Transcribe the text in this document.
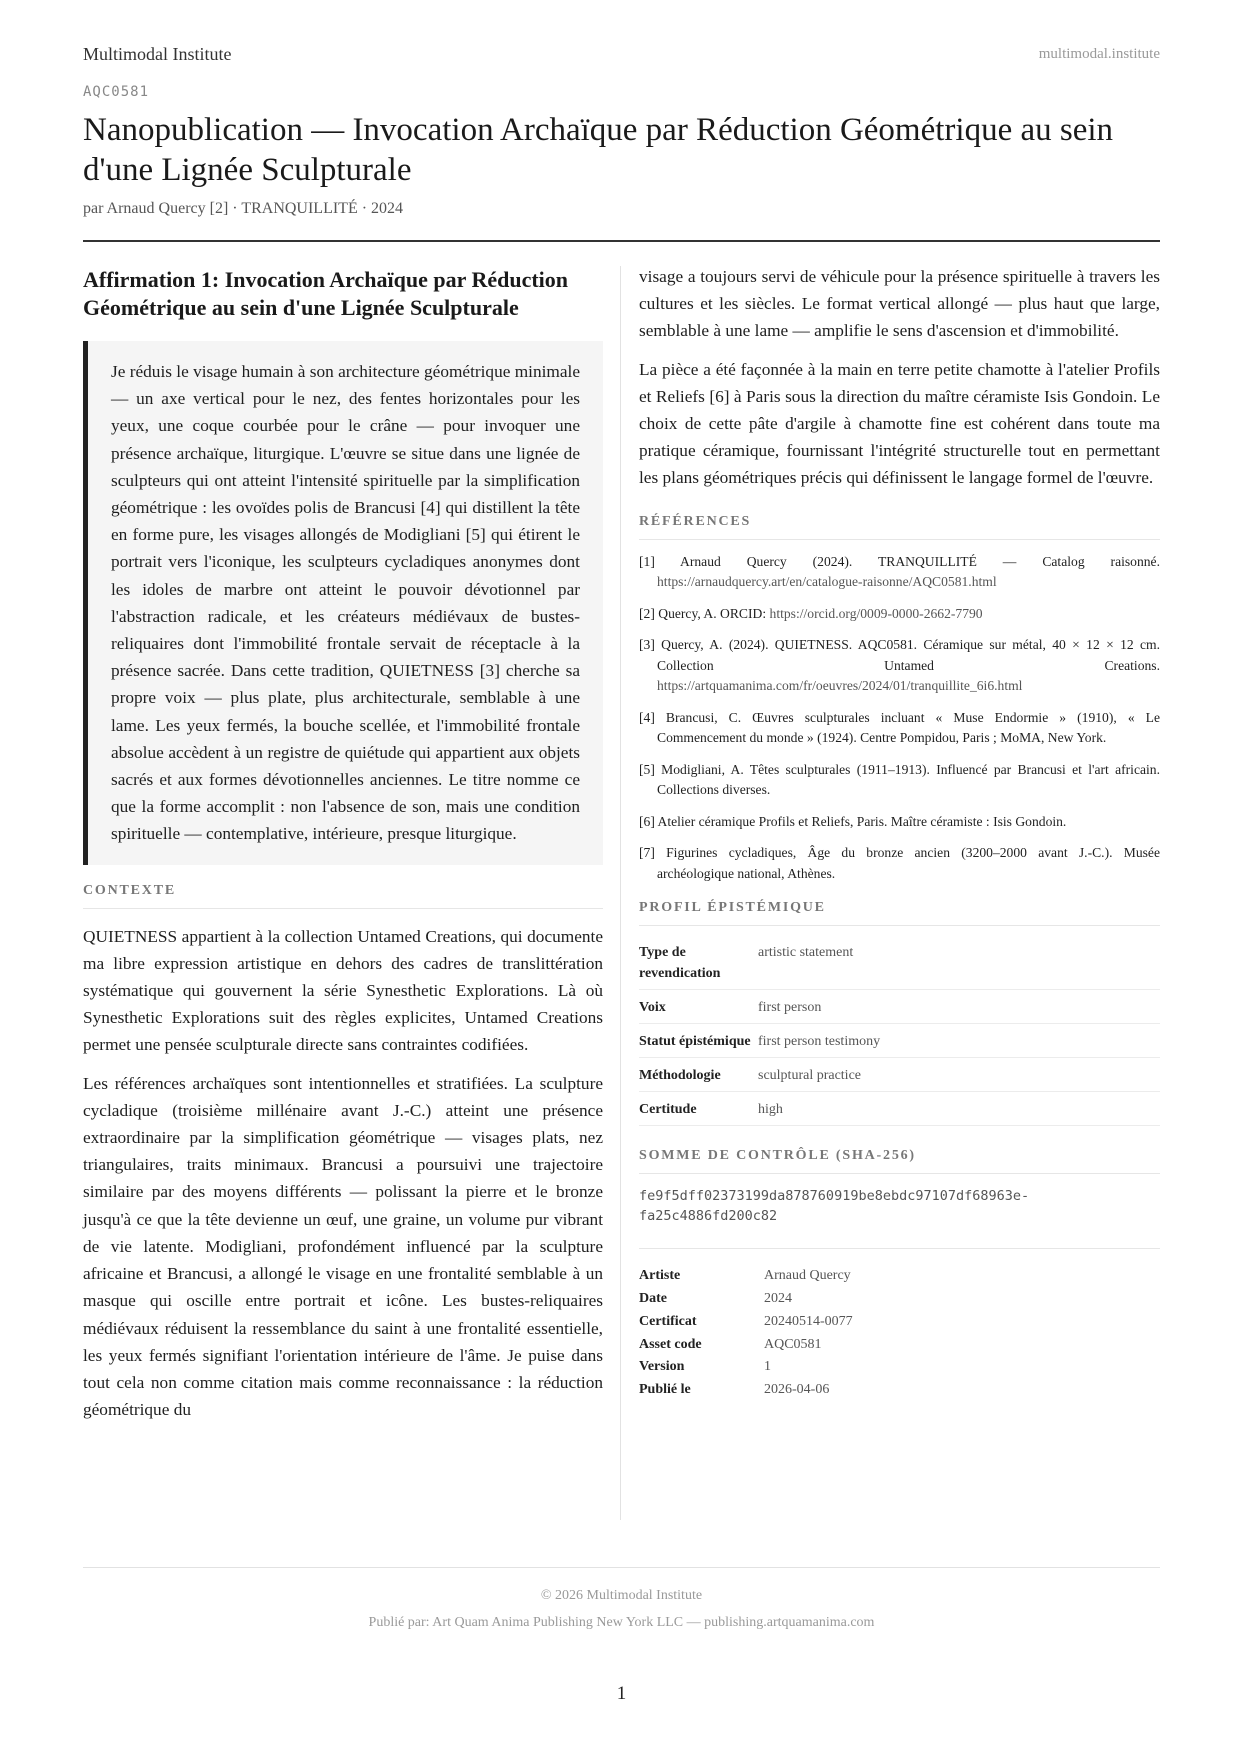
Multimodal Institute	multimodal.institute
AQC0581
Nanopublication — Invocation Archaïque par Réduction Géométrique au sein d'une Lignée Sculpturale
par Arnaud Quercy [2] · TRANQUILLITÉ · 2024
Affirmation 1: Invocation Archaïque par Réduction Géométrique au sein d'une Lignée Sculpturale
Je réduis le visage humain à son architecture géométrique minimale — un axe vertical pour le nez, des fentes horizontales pour les yeux, une coque courbée pour le crâne — pour invoquer une présence archaïque, liturgique. L'œuvre se situe dans une lignée de sculpteurs qui ont atteint l'intensité spirituelle par la simplification géométrique : les ovoïdes polis de Brancusi [4] qui distillent la tête en forme pure, les visages allongés de Modigliani [5] qui étirent le portrait vers l'iconique, les sculpteurs cycladiques anonymes dont les idoles de marbre ont atteint le pouvoir dévotionnel par l'abstraction radicale, et les créateurs médiévaux de bustes-reliquaires dont l'immobilité frontale servait de réceptacle à la présence sacrée. Dans cette tradition, QUIETNESS [3] cherche sa propre voix — plus plate, plus architecturale, semblable à une lame. Les yeux fermés, la bouche scellée, et l'immobilité frontale absolue accèdent à un registre de quiétude qui appartient aux objets sacrés et aux formes dévotionnelles anciennes. Le titre nomme ce que la forme accomplit : non l'absence de son, mais une condition spirituelle — contemplative, intérieure, presque liturgique.
CONTEXTE

QUIETNESS appartient à la collection Untamed Creations, qui documente ma libre expression artistique en dehors des cadres de translittération systématique qui gouvernent la série Synesthetic Explorations. Là où Synesthetic Explorations suit des règles explicites, Untamed Creations permet une pensée sculpturale directe sans contraintes codifiées.

Les références archaïques sont intentionnelles et stratifiées. La sculpture cycladique (troisième millénaire avant J.-C.) atteint une présence extraordinaire par la simplification géométrique — visages plats, nez triangulaires, traits minimaux. Brancusi a poursuivi une trajectoire similaire par des moyens différents — polissant la pierre et le bronze jusqu'à ce que la tête devienne un œuf, une graine, un volume pur vibrant de vie latente. Modigliani, profondément influencé par la sculpture africaine et Brancusi, a allongé le visage en une frontalité semblable à un masque qui oscille entre portrait et icône. Les bustes-reliquaires médiévaux réduisent la ressemblance du saint à une frontalité essentielle, les yeux fermés signifiant l'orientation intérieure de l'âme. Je puise dans tout cela non comme citation mais comme reconnaissance : la réduction géométrique du

visage a toujours servi de véhicule pour la présence spirituelle à travers les cultures et les siècles. Le format vertical allongé — plus haut que large, semblable à une lame — amplifie le sens d'ascension et d'immobilité.

La pièce a été façonnée à la main en terre petite chamotte à l'atelier Profils et Reliefs [6] à Paris sous la direction du maître céramiste Isis Gondoin. Le choix de cette pâte d'argile à chamotte fine est cohérent dans toute ma pratique céramique, fournissant l'intégrité structurelle tout en permettant les plans géométriques précis qui définissent le langage formel de l'œuvre.

RÉFÉRENCES
[1] Arnaud Quercy (2024). TRANQUILLITÉ — Catalog raisonné. https://arnaudquercy.art/en/catalogue-raisonne/AQC0581.html
[2] Quercy, A. ORCID: https://orcid.org/0009-0000-2662-7790
[3] Quercy, A. (2024). QUIETNESS. AQC0581. Céramique sur métal, 40 × 12 × 12 cm. Collection Untamed Creations. https://artquamanima.com/fr/oeuvres/2024/01/tranquillite_6i6.html
[4] Brancusi, C. Œuvres sculpturales incluant « Muse Endormie » (1910), « Le Commencement du monde » (1924). Centre Pompidou, Paris ; MoMA, New York.
[5] Modigliani, A. Têtes sculpturales (1911–1913). Influencé par Brancusi et l'art africain. Collections diverses.
[6] Atelier céramique Profils et Reliefs, Paris. Maître céramiste : Isis Gondoin.
[7] Figurines cycladiques, Âge du bronze ancien (3200–2000 avant J.-C.). Musée archéologique national, Athènes.
PROFIL ÉPISTÉMIQUE
Type de revendication	artistic statement
Voix	first person
Statut épistémique	first person testimony
Méthodologie	sculptural practice
Certitude	high
SOMME DE CONTRÔLE (SHA-256)
fe9f5dff02373199da878760919be8ebdc97107df68963e-fa25c4886fd200c82
Artiste	Arnaud Quercy
Date	2024
Certificat	20240514-0077
Asset code	AQC0581
Version	1
Publié le	2026-04-06
© 2026 Multimodal Institute
Publié par: Art Quam Anima Publishing New York LLC — publishing.artquamanima.com
1
